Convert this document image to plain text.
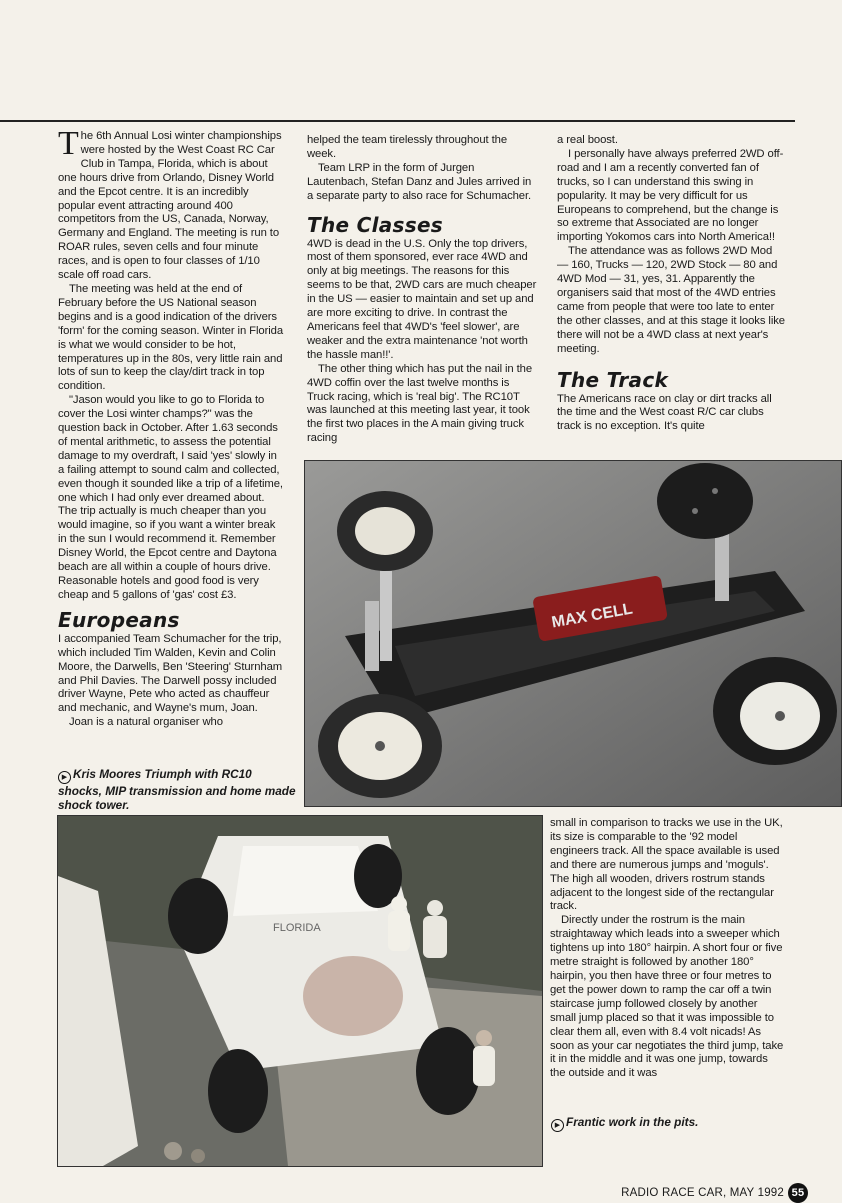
The 6th Annual Losi winter championships were hosted by the West Coast RC Car Club in Tampa, Florida, which is about one hours drive from Orlando, Disney World and the Epcot centre. It is an incredibly popular event attracting around 400 competitors from the US, Canada, Norway, Germany and England. The meeting is run to ROAR rules, seven cells and four minute races, and is open to four classes of 1/10 scale off road cars.

The meeting was held at the end of February before the US National season begins and is a good indication of the drivers 'form' for the coming season. Winter in Florida is what we would consider to be hot, temperatures up in the 80s, very little rain and lots of sun to keep the clay/dirt track in top condition.

"Jason would you like to go to Florida to cover the Losi winter champs?" was the question back in October. After 1.63 seconds of mental arithmetic, to assess the potential damage to my overdraft, I said 'yes' slowly in a failing attempt to sound calm and collected, even though it sounded like a trip of a lifetime, one which I had only ever dreamed about. The trip actually is much cheaper than you would imagine, so if you want a winter break in the sun I would recommend it. Remember Disney World, the Epcot centre and Daytona beach are all within a couple of hours drive. Reasonable hotels and good food is very cheap and 5 gallons of 'gas' cost £3.

Europeans

I accompanied Team Schumacher for the trip, which included Tim Walden, Kevin and Colin Moore, the Darwells, Ben 'Steering' Sturnham and Phil Davies. The Darwell possy included driver Wayne, Pete who acted as chauffeur and mechanic, and Wayne's mum, Joan.

Joan is a natural organiser who

▶ Kris Moores Triumph with RC10 shocks, MIP transmission and home made shock tower.

helped the team tirelessly throughout the week.

Team LRP in the form of Jurgen Lautenbach, Stefan Danz and Jules arrived in a separate party to also race for Schumacher.

The Classes

4WD is dead in the U.S. Only the top drivers, most of them sponsored, ever race 4WD and only at big meetings. The reasons for this seems to be that, 2WD cars are much cheaper in the US — easier to maintain and set up and are more exciting to drive. In contrast the Americans feel that 4WD's 'feel slower', are weaker and the extra maintenance 'not worth the hassle man!!'.

The other thing which has put the nail in the 4WD coffin over the last twelve months is Truck racing, which is 'real big'. The RC10T was launched at this meeting last year, it took the first two places in the A main giving truck racing

a real boost.

I personally have always preferred 2WD off-road and I am a recently converted fan of trucks, so I can understand this swing in popularity. It may be very difficult for us Europeans to comprehend, but the change is so extreme that Associated are no longer importing Yokomos cars into North America!!

The attendance was as follows 2WD Mod — 160, Trucks — 120, 2WD Stock — 80 and 4WD Mod — 31, yes, 31. Apparently the organisers said that most of the 4WD entries came from people that were too late to enter the other classes, and at this stage it looks like there will not be a 4WD class at next year's meeting.

The Track

The Americans race on clay or dirt tracks all the time and the West coast R/C car clubs track is no exception. It's quite

MAX CELL
FLORIDA

small in comparison to tracks we use in the UK, its size is comparable to the '92 model engineers track. All the space available is used and there are numerous jumps and 'moguls'. The high all wooden, drivers rostrum stands adjacent to the longest side of the rectangular track.

Directly under the rostrum is the main straightaway which leads into a sweeper which tightens up into 180° hairpin. A short four or five metre straight is followed by another 180° hairpin, you then have three or four metres to get the power down to ramp the car off a twin staircase jump followed closely by another small jump placed so that it was impossible to clear them all, even with 8.4 volt nicads! As soon as your car negotiates the third jump, take it in the middle and it was one jump, towards the outside and it was

▶ Frantic work in the pits.
RADIO RACE CAR, MAY 1992 55
